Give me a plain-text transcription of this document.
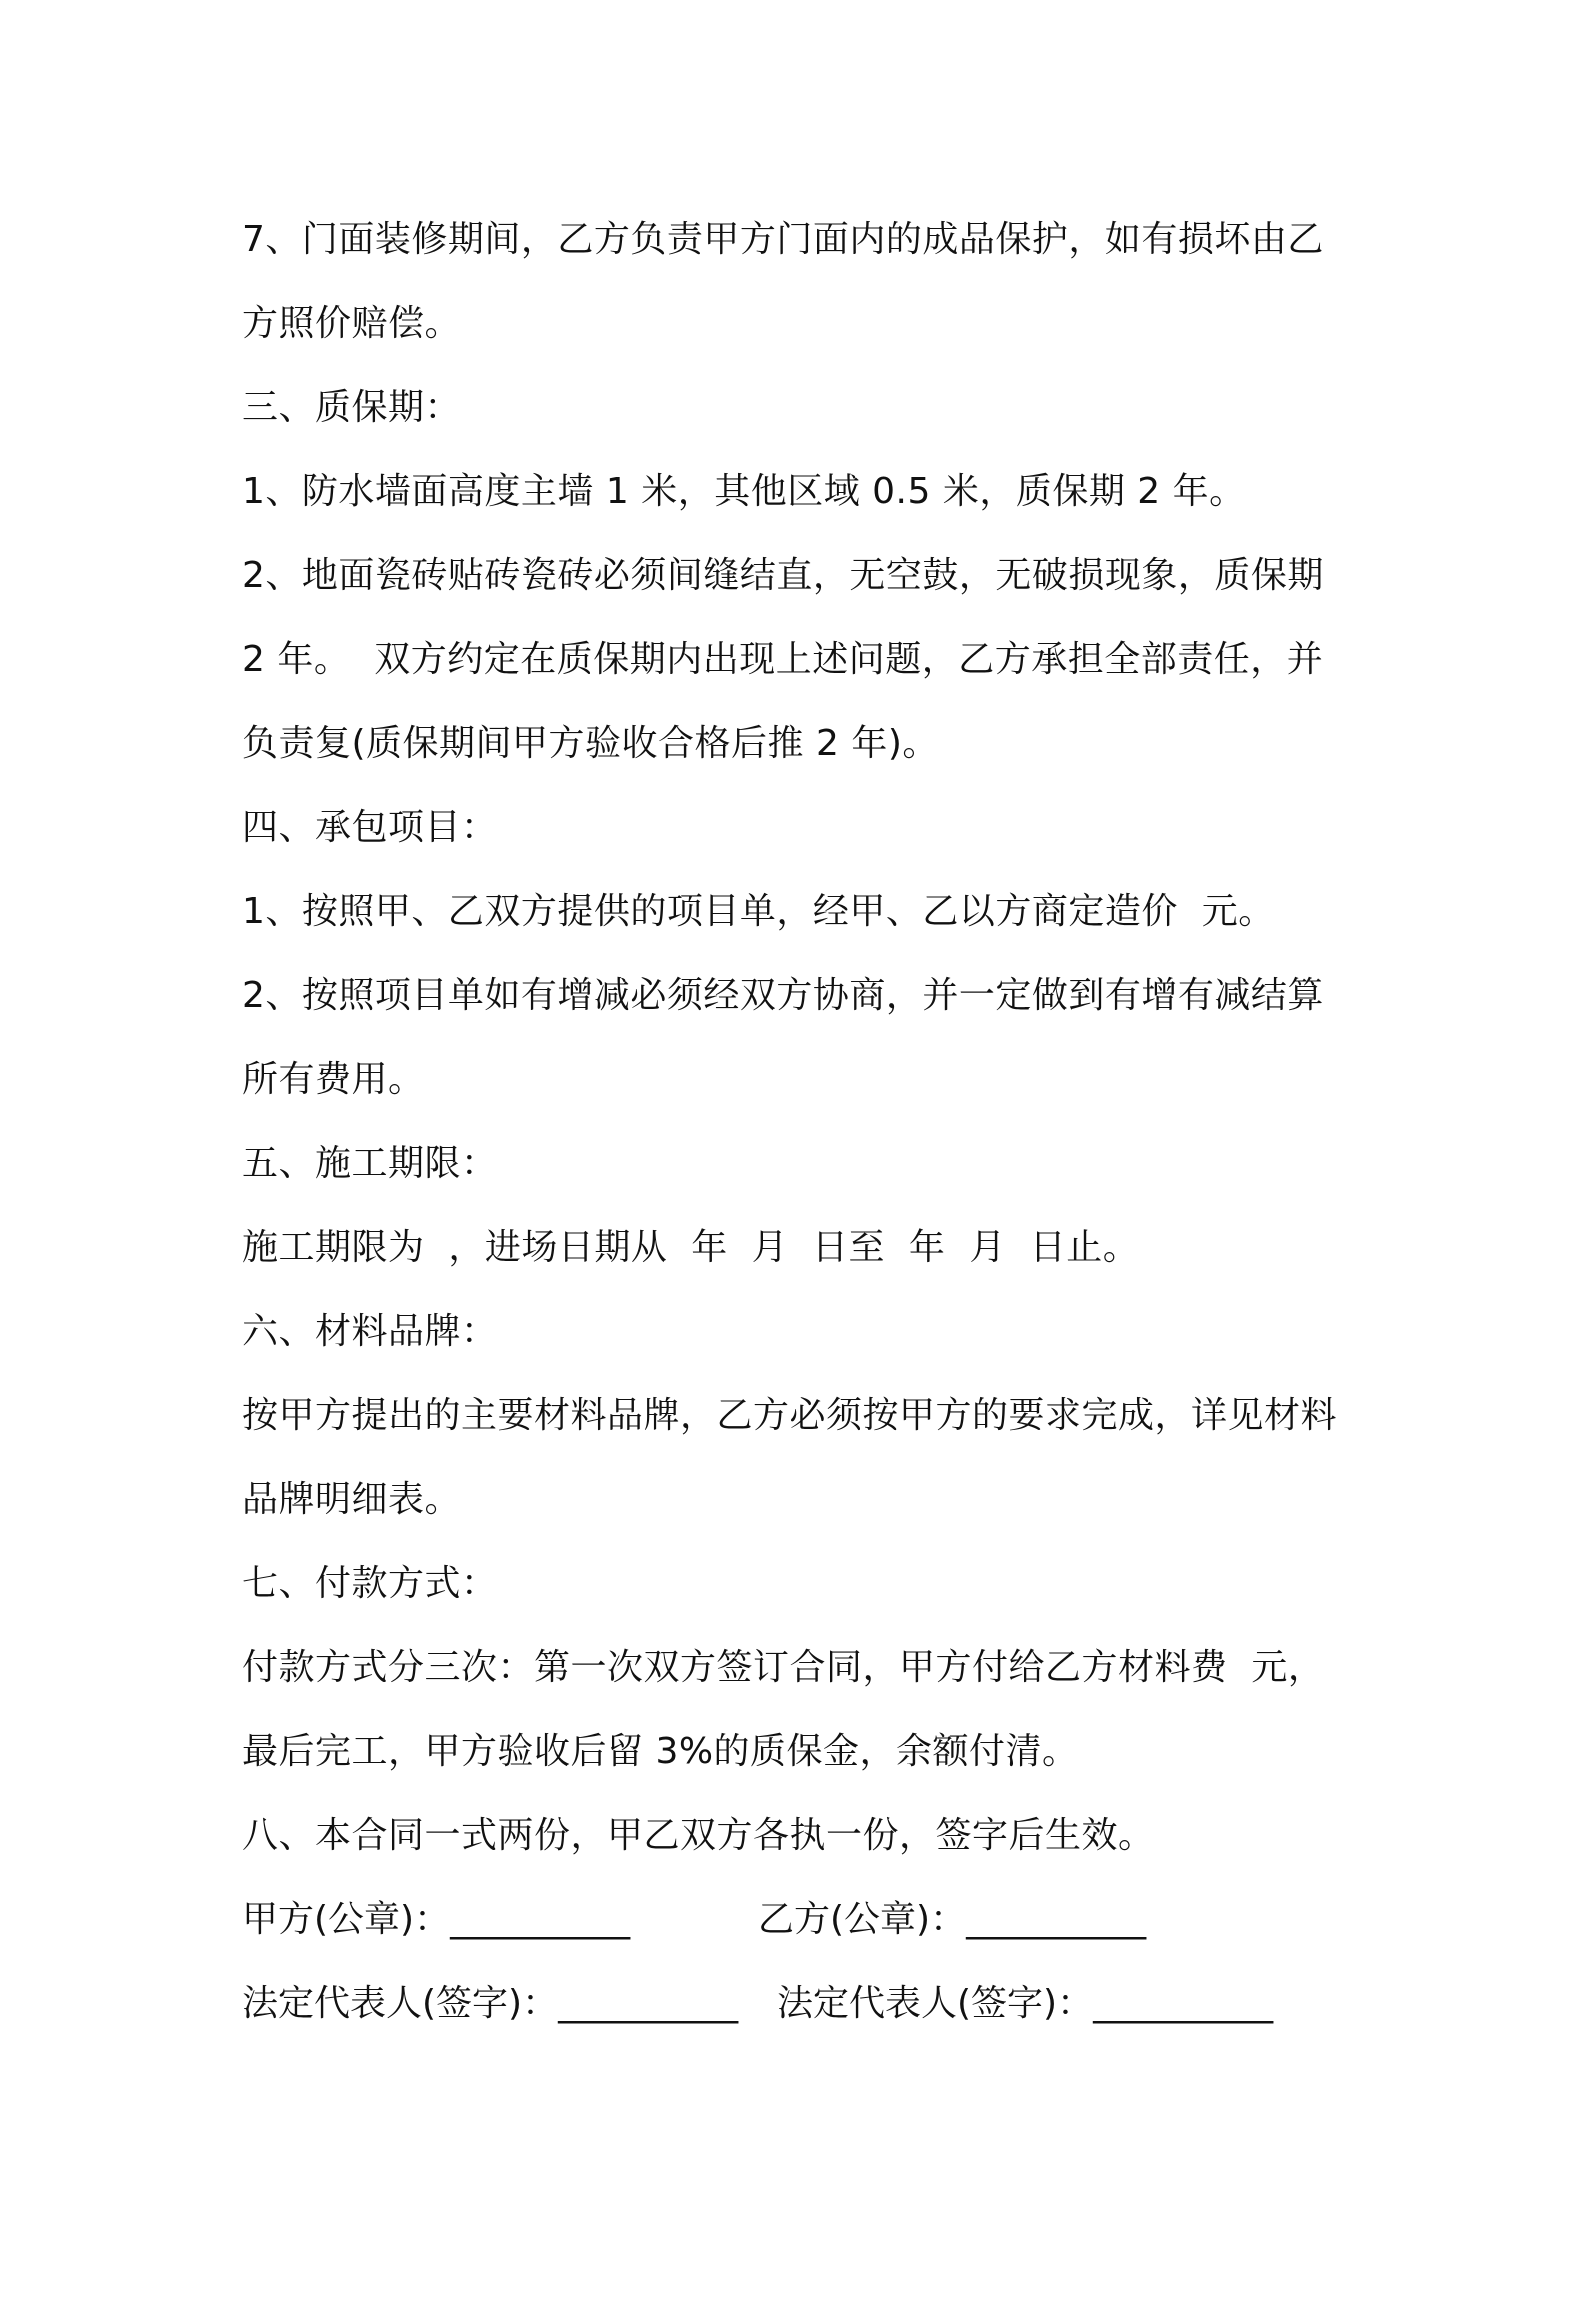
7、门面装修期间，乙方负责甲方门面内的成品保护，如有损坏由乙
方照价赔偿。
三、质保期：
1、防水墙面高度主墙 1 米，其他区域 0.5 米，质保期 2 年。
2、地面瓷砖贴砖瓷砖必须间缝结直，无空鼓，无破损现象，质保期
2 年。  双方约定在质保期内出现上述问题，乙方承担全部责任，并
负责复(质保期间甲方验收合格后推 2 年)。
四、承包项目：
1、按照甲、乙双方提供的项目单，经甲、乙以方商定造价  元。
2、按照项目单如有增减必须经双方协商，并一定做到有增有减结算
所有费用。
五、施工期限：
施工期限为  ，进场日期从  年  月  日至  年  月  日止。
六、材料品牌：
按甲方提出的主要材料品牌，乙方必须按甲方的要求完成，详见材料
品牌明细表。
七、付款方式：
付款方式分三次：第一次双方签订合同，甲方付给乙方材料费  元，
最后完工，甲方验收后留 3%的质保金，余额付清。
八、本合同一式两份，甲乙双方各执一份，签字后生效。

甲方(公章)：__________

	乙方(公章)：__________

法定代表人(签字)：__________

法定代表人(签字)：__________
